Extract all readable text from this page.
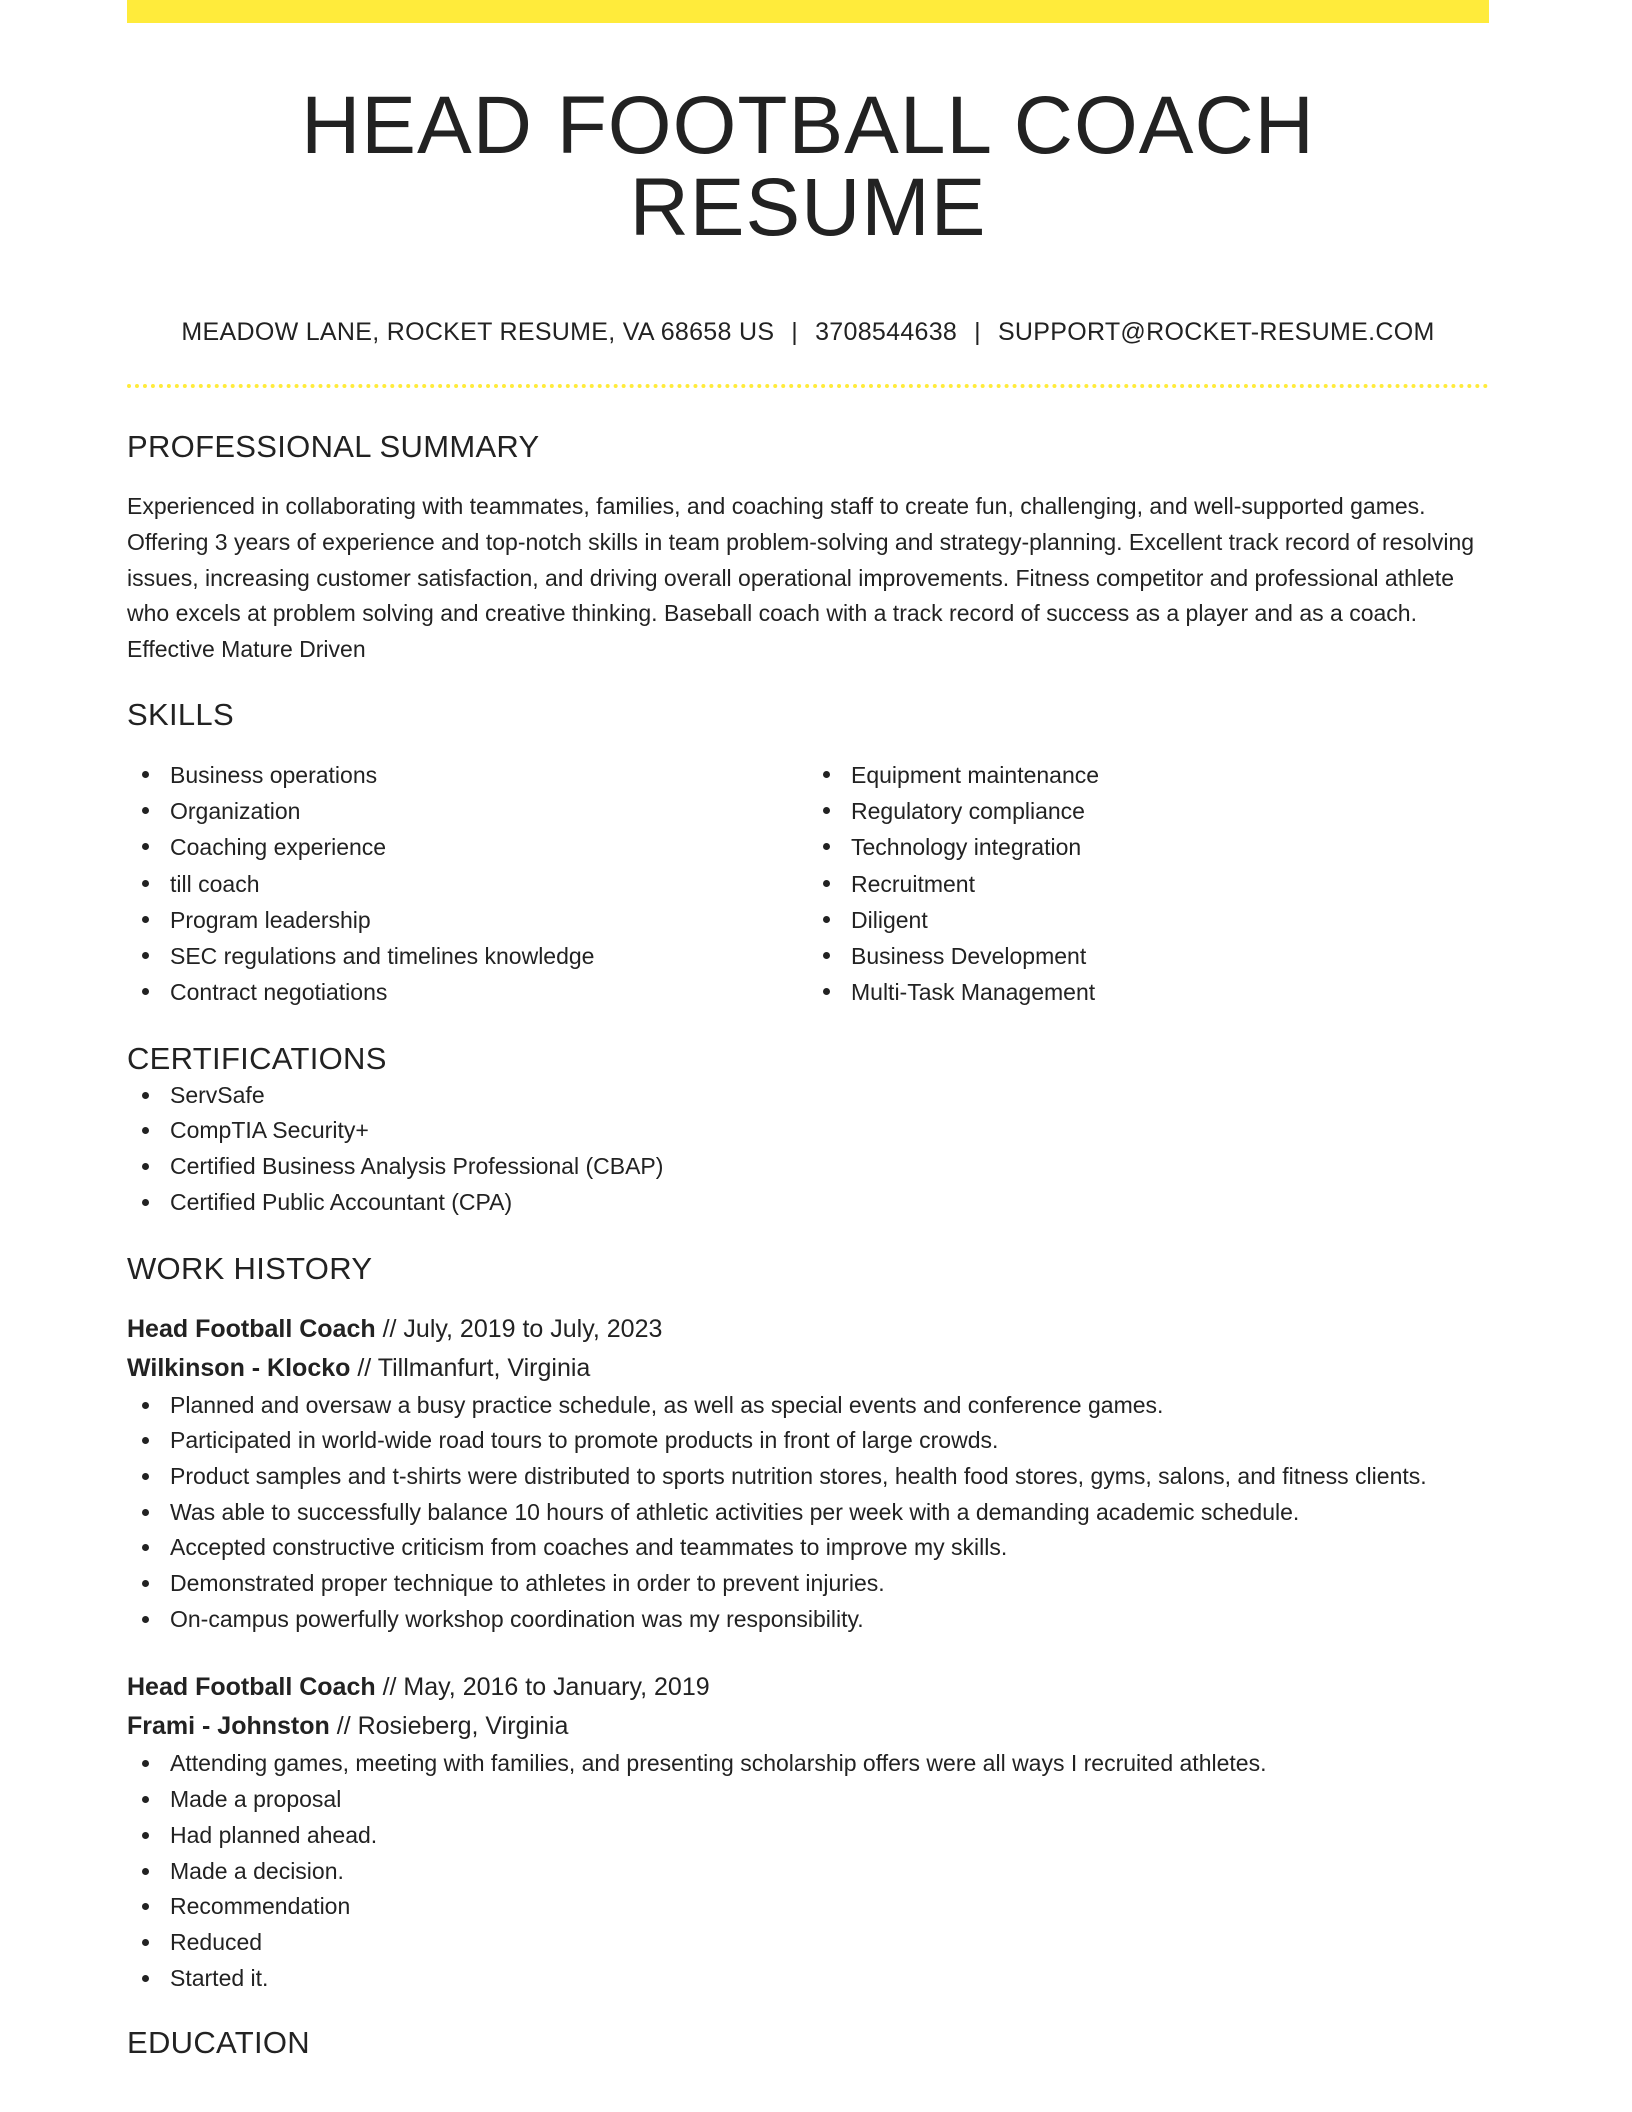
HEAD FOOTBALL COACH RESUME
MEADOW LANE, ROCKET RESUME, VA 68658 US | 3708544638 | SUPPORT@ROCKET-RESUME.COM
PROFESSIONAL SUMMARY
Experienced in collaborating with teammates, families, and coaching staff to create fun, challenging, and well-supported games. Offering 3 years of experience and top-notch skills in team problem-solving and strategy-planning. Excellent track record of resolving issues, increasing customer satisfaction, and driving overall operational improvements. Fitness competitor and professional athlete who excels at problem solving and creative thinking. Baseball coach with a track record of success as a player and as a coach. Effective Mature Driven
SKILLS
Business operations
Organization
Coaching experience
till coach
Program leadership
SEC regulations and timelines knowledge
Contract negotiations
Equipment maintenance
Regulatory compliance
Technology integration
Recruitment
Diligent
Business Development
Multi-Task Management
CERTIFICATIONS
ServSafe
CompTIA Security+
Certified Business Analysis Professional (CBAP)
Certified Public Accountant (CPA)
WORK HISTORY
Head Football Coach // July, 2019 to July, 2023
Wilkinson - Klocko // Tillmanfurt, Virginia
Planned and oversaw a busy practice schedule, as well as special events and conference games.
Participated in world-wide road tours to promote products in front of large crowds.
Product samples and t-shirts were distributed to sports nutrition stores, health food stores, gyms, salons, and fitness clients.
Was able to successfully balance 10 hours of athletic activities per week with a demanding academic schedule.
Accepted constructive criticism from coaches and teammates to improve my skills.
Demonstrated proper technique to athletes in order to prevent injuries.
On-campus powerfully workshop coordination was my responsibility.
Head Football Coach // May, 2016 to January, 2019
Frami - Johnston // Rosieberg, Virginia
Attending games, meeting with families, and presenting scholarship offers were all ways I recruited athletes.
Made a proposal
Had planned ahead.
Made a decision.
Recommendation
Reduced
Started it.
EDUCATION
